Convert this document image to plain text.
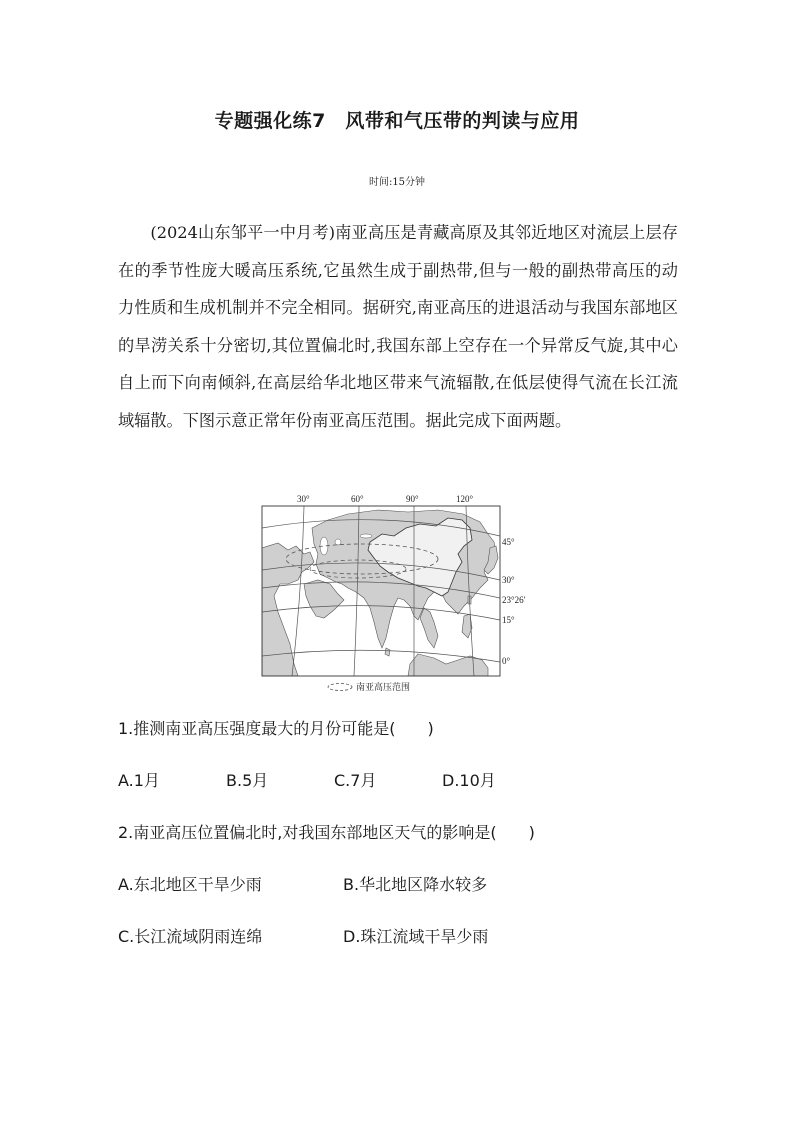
专题强化练7　风带和气压带的判读与应用
时间:15分钟

(2024山东邹平一中月考)南亚高压是青藏高原及其邻近地区对流层上层存在的季节性庞大暖高压系统,它虽然生成于副热带,但与一般的副热带高压的动力性质和生成机制并不完全相同。据研究,南亚高压的进退活动与我国东部地区的旱涝关系十分密切,其位置偏北时,我国东部上空存在一个异常反气旋,其中心自上而下向南倾斜,在高层给华北地区带来气流辐散,在低层使得气流在长江流域辐散。下图示意正常年份南亚高压范围。据此完成下面两题。

30°	60°	90°	120°
45°
30°
23°26′
15°
0°
南亚高压范围

1.推测南亚高压强度最大的月份可能是(　　)

A.1月	B.5月	C.7月	D.10月

2.南亚高压位置偏北时,对我国东部地区天气的影响是(　　)

A.东北地区干旱少雨	B.华北地区降水较多

C.长江流域阴雨连绵	D.珠江流域干旱少雨
